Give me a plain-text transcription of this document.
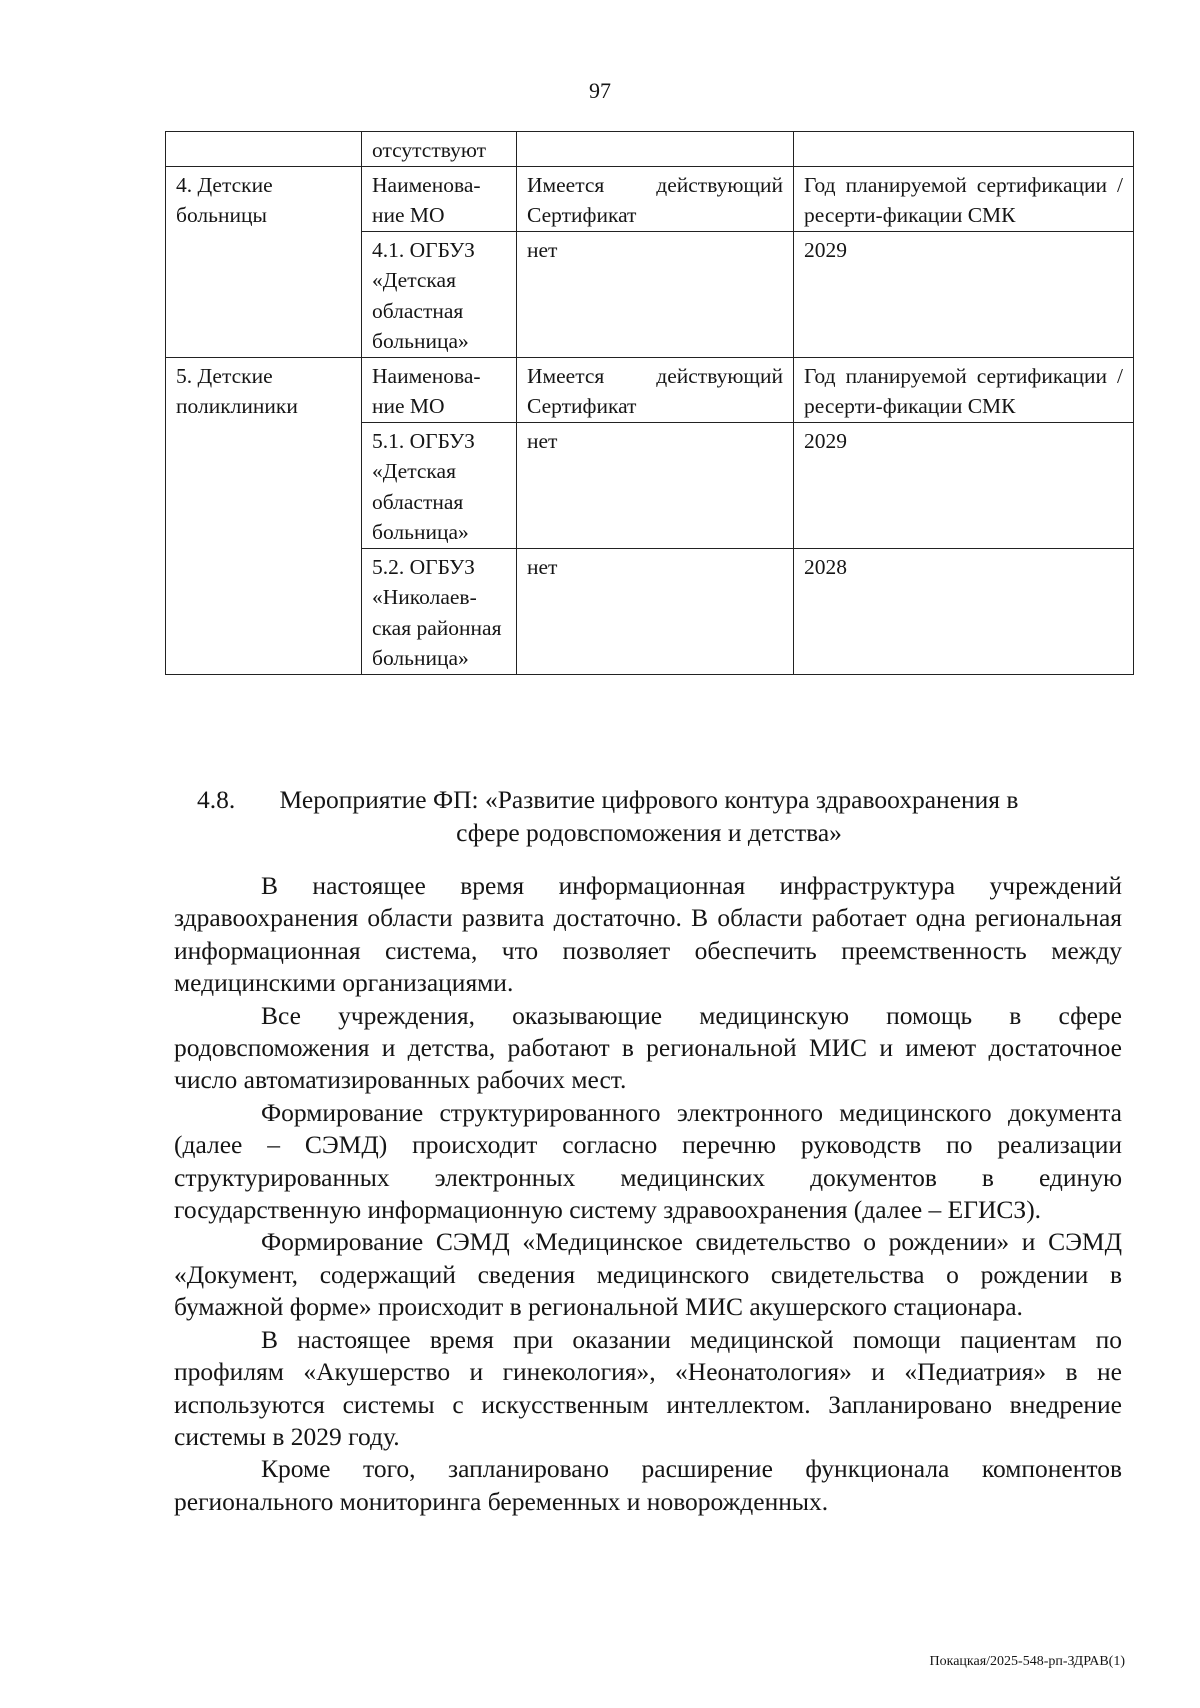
97
	отсутствуют		
4. Детские больницы	Наименова-ние МО	Имеется действующий Сертификат	Год планируемой сертификации / ресерти-фикации СМК
	4.1. ОГБУЗ «Детская областная больница»	нет	2029
5. Детские поликлиники	Наименова-ние МО	Имеется действующий Сертификат	Год планируемой сертификации / ресерти-фикации СМК
	5.1. ОГБУЗ «Детская областная больница»	нет	2029
	5.2. ОГБУЗ «Николаев-ская районная больница»	нет	2028
4.8.	Мероприятие ФП: «Развитие цифрового контура здравоохранения в
сфере родовспоможения и детства»

В настоящее время информационная инфраструктура учреждений здравоохранения области развита достаточно. В области работает одна региональная информационная система, что позволяет обеспечить преемственность между медицинскими организациями.

Все учреждения, оказывающие медицинскую помощь в сфере родовспоможения и детства, работают в региональной МИС и имеют достаточное число автоматизированных рабочих мест.

Формирование структурированного электронного медицинского документа (далее – СЭМД) происходит согласно перечню руководств по реализации структурированных электронных медицинских документов в единую государственную информационную систему здравоохранения (далее – ЕГИСЗ).

Формирование СЭМД «Медицинское свидетельство о рождении» и СЭМД «Документ, содержащий сведения медицинского свидетельства о рождении в бумажной форме» происходит в региональной МИС акушерского стационара.

В настоящее время при оказании медицинской помощи пациентам по профилям «Акушерство и гинекология», «Неонатология» и «Педиатрия» в не используются системы с искусственным интеллектом. Запланировано внедрение системы в 2029 году.

Кроме того, запланировано расширение функционала компонентов регионального мониторинга беременных и новорожденных.

Покацкая/2025-548-рп-ЗДРАВ(1)
